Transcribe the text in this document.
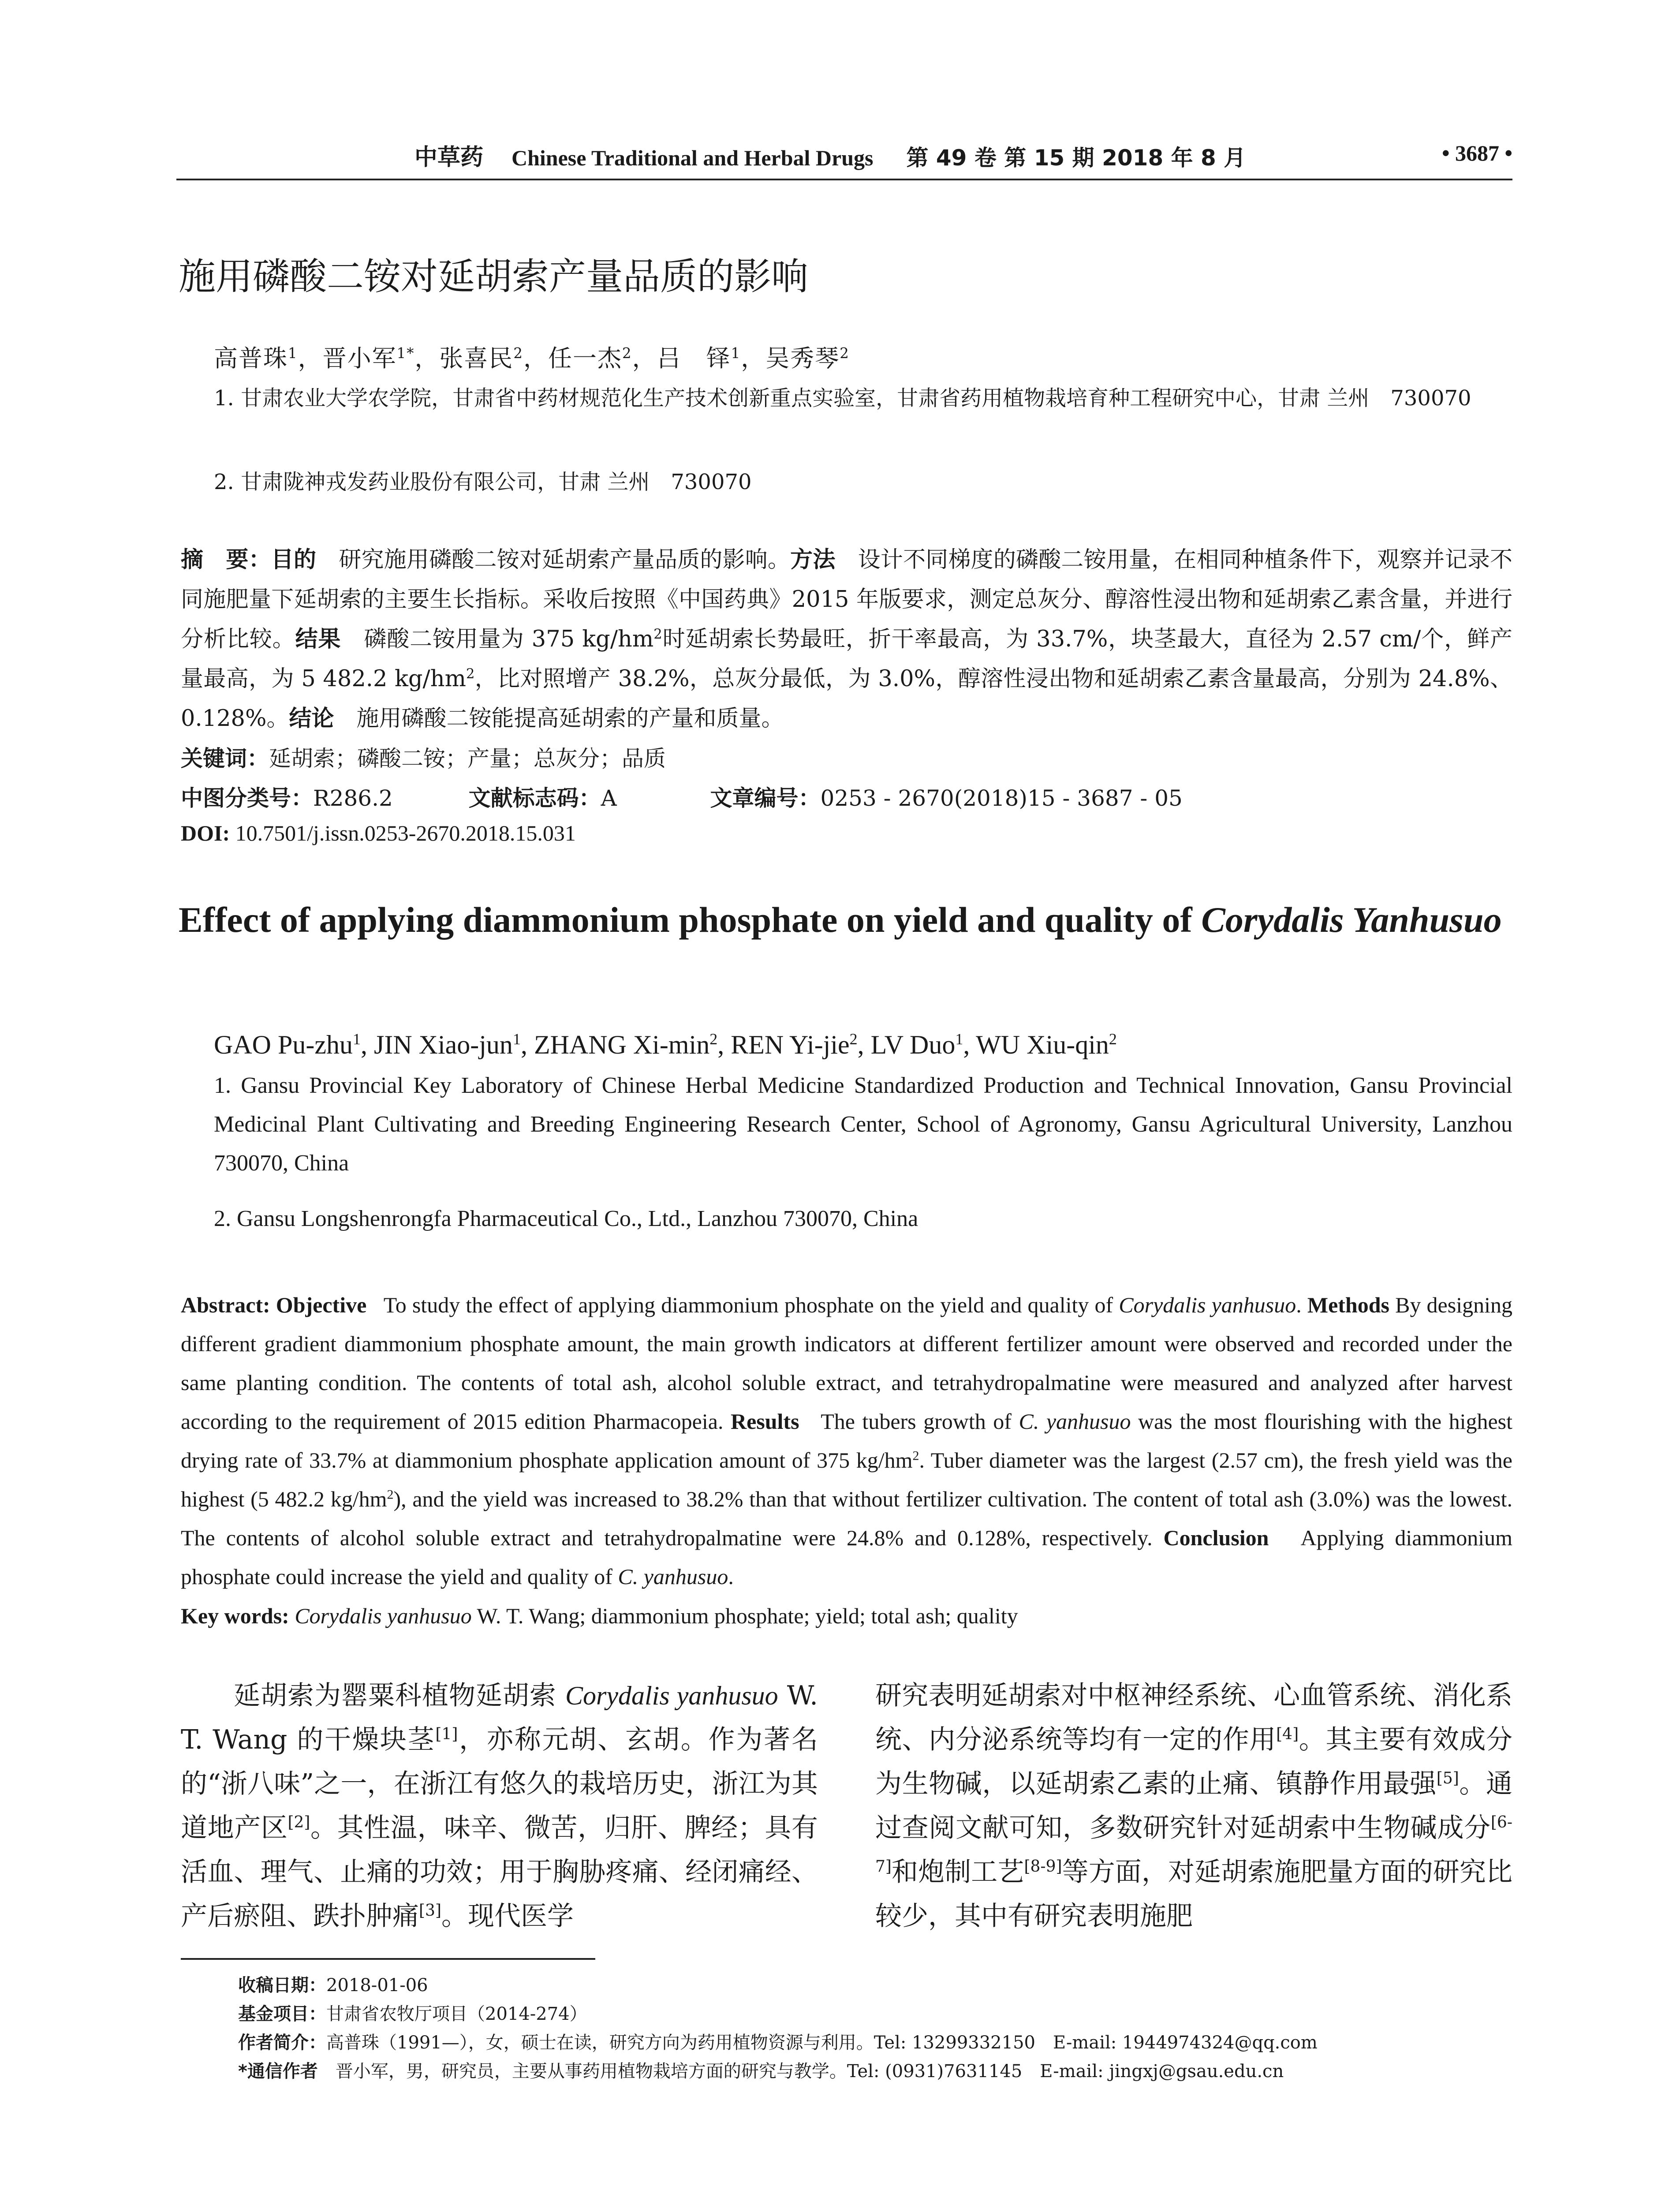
中草药 Chinese Traditional and Herbal Drugs 第 49 卷 第 15 期 2018 年 8 月	• 3687 •
施用磷酸二铵对延胡索产量品质的影响
高普珠$^1$，晋小军$^{1*}$，张喜民$^2$，任一杰$^2$，吕　铎$^1$，吴秀琴$^2$
1. 甘肃农业大学农学院，甘肃省中药材规范化生产技术创新重点实验室，甘肃省药用植物栽培育种工程研究中心，甘肃 兰州　730070
2. 甘肃陇神戎发药业股份有限公司，甘肃 兰州　730070
摘　要：目的　 研究施用磷酸二铵对延胡索产量品质的影响。方法　 设计不同梯度的磷酸二铵用量，在相同种植条件下，观察并记录不同施肥量下延胡索的主要生长指标。采收后按照《中国药典》2015 年版要求，测定总灰分、醇溶性浸出物和延胡索乙素含量，并进行分析比较。结果　 磷酸二铵用量为 375 $kg/hm^2$时延胡索长势最旺，折干率最高，为 33.7%，块茎最大，直径为 2.57 cm/个，鲜产量最高，为 5 482.2 $kg/hm^2$，比对照增产 38.2%，总灰分最低，为 3.0%，醇溶性浸出物和延胡索乙素含量最高，分别为 24.8%、0.128%。结论　 施用磷酸二铵能提高延胡索的产量和质量。
关键词：延胡索；磷酸二铵；产量；总灰分；品质
中图分类号：R286.2	文献标志码：A	文章编号：0253 - 2670(2018)15 - 3687 - 05
DOI: 10.7501/j.issn.0253-2670.2018.15.031
Effect of applying diammonium phosphate on yield and quality of Corydalis Yanhusuo
GAO Pu-zhu$^1$, JIN Xiao-jun$^1$, ZHANG $Xi-\min^2$, REN Yi-jie$^2$, LV Duo$^1$, WU Xiu-qin$^2$
1. Gansu Provincial Key Laboratory of Chinese Herbal Medicine Standardized Production and Technical Innovation, Gansu Provincial Medicinal Plant Cultivating and Breeding Engineering Research Center, School of Agronomy, Gansu Agricultural University, Lanzhou 730070, China
2. Gansu Longshenrongfa Pharmaceutical Co., Ltd., Lanzhou 730070, China
Abstract: Objective To study the effect of applying diammonium phosphate on the yield and quality of Corydalis yanhusuo. Methods By designing different gradient diammonium phosphate amount, the main growth indicators at different fertilizer amount were observed and recorded under the same planting condition. The contents of total ash, alcohol soluble extract, and tetrahydropalmatine were measured and analyzed after harvest according to the requirement of 2015 edition Pharmacopeia. Results The tubers growth of C. yanhusuo was the most flourishing with the highest drying rate of 33.7% at diammonium phosphate application amount of 375 $kg/hm^2$. Tuber diameter was the largest (2.57 cm), the fresh yield was the highest (5 482.2 $kg/hm^2$), and the yield was increased to 38.2% than that without fertilizer cultivation. The content of total ash (3.0%) was the lowest. The contents of alcohol soluble extract and tetrahydropalmatine were 24.8% and 0.128%, respectively. Conclusion Applying diammonium phosphate could increase the yield and quality of C. yanhusuo.
Key words: Corydalis yanhusuo W. T. Wang; diammonium phosphate; yield; total ash; quality
延胡索为罂粟科植物延胡索 Corydalis yanhusuo W. T. Wang 的干燥块茎[1]，亦称元胡、玄胡。作为著名的“浙八味”之一，在浙江有悠久的栽培历史，浙江为其道地产区[2]。其性温，味辛、微苦，归肝、脾经；具有活血、理气、止痛的功效；用于胸胁疼痛、经闭痛经、产后瘀阻、跌扑肿痛[3]。现代医学
研究表明延胡索对中枢神经系统、心血管系统、消化系统、内分泌系统等均有一定的作用[4]。其主要有效成分为生物碱，以延胡索乙素的止痛、镇静作用最强[5]。通过查阅文献可知，多数研究针对延胡索中生物碱成分[6-7]和炮制工艺[8-9]等方面，对延胡索施肥量方面的研究比较少，其中有研究表明施肥
收稿日期：2018-01-06
基金项目：甘肃省农牧厅项目（2014-274）
作者简介：高普珠（1991—），女，硕士在读，研究方向为药用植物资源与利用。Tel: 13299332150　E-mail: 1944974324@qq.com
*通信作者　 晋小军，男，研究员，主要从事药用植物栽培方面的研究与教学。Tel: (0931)7631145　E-mail: jingxj@gsau.edu.cn
